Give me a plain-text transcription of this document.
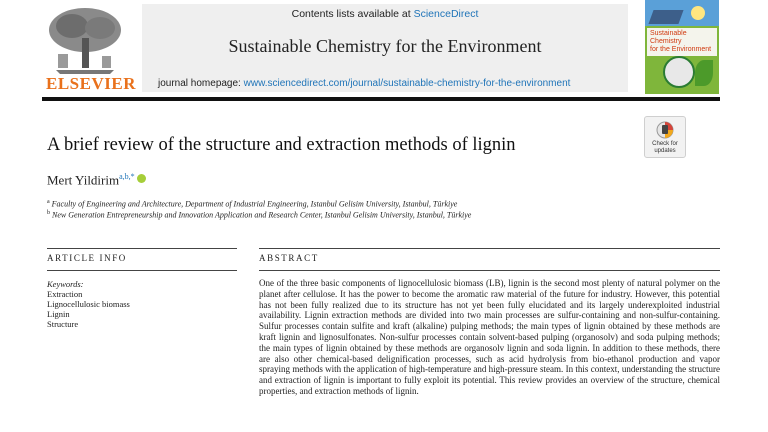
ELSEVIER
Contents lists available at ScienceDirect
Sustainable Chemistry for the Environment
journal homepage: www.sciencedirect.com/journal/sustainable-chemistry-for-the-environment
Sustainable Chemistry
for the Environment
Check for
updates
A brief review of the structure and extraction methods of lignin
Mert Yildirim$^{a,b,*}$
$^a$ Faculty of Engineering and Architecture, Department of Industrial Engineering, Istanbul Gelisim University, Istanbul, Türkiye
$^b$ New Generation Entrepreneurship and Innovation Application and Research Center, Istanbul Gelisim University, Istanbul, Türkiye
ARTICLE INFO
Keywords:
Extraction
Lignocellulosic biomass
Lignin
Structure
ABSTRACT

One of the three basic components of lignocellulosic biomass (LB), lignin is the second most plenty of natural polymer on the planet after cellulose. It has the power to become the aromatic raw material of the future for industry. However, this potential has not been fully realized due to its structure has not yet been fully elucidated and its largely underexploited industrial availability. Lignin extraction methods are divided into two main processes are sulfur-containing and non-sulfur-containing. Sulfur processes contain sulfite and kraft (alkaline) pulping methods; the main types of lignin obtained by these methods are kraft lignin and lignosulfonates. Non-sulfur processes contain solvent-based pulping (organosolv) and soda pulping methods; the main types of lignin obtained by these methods are organosolv lignin and soda lignin. In addition to these methods, there are also other chemical-based delignification processes, such as acid hydrolysis from bio-ethanol production and vapor spraying methods with the application of high-temperature and high-pressure steam. In this context, understanding the structure and extraction of lignin is important to fully exploit its potential. This review provides an overview of the structure, chemical properties, and extraction methods of lignin.
